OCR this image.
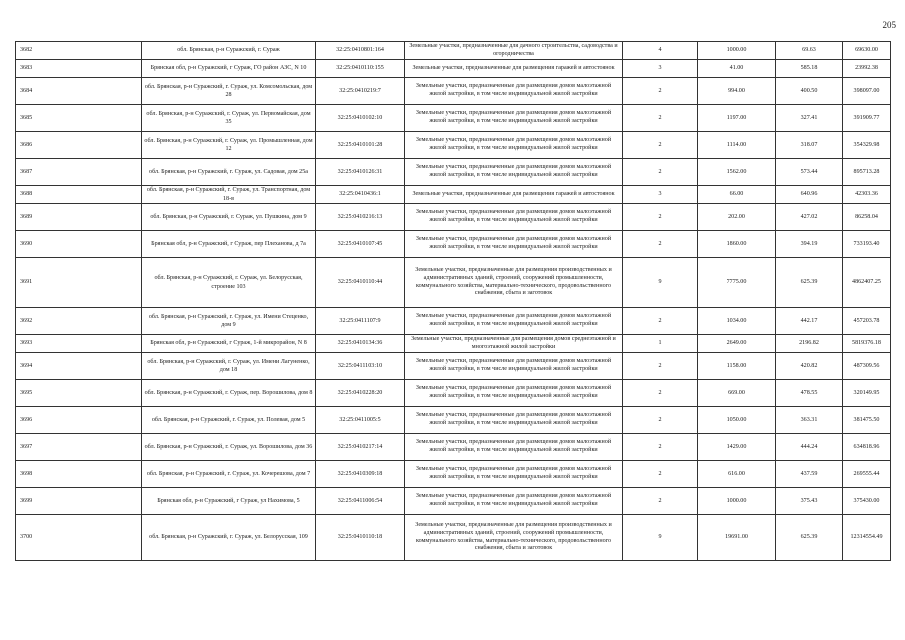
205
3682	обл. Брянская, р-н Суражский, г. Сураж	32:25:0410801:164	Земельные участки, предназначенные для дачного строительства, садоводства и огородничества	4	1000.00	69.63	69630.00
3683	Брянская обл, р-н Суражский, г Сураж, ГО район АЗС, N 10	32:25:0410110:155	Земельные участки, предназначенные для размещения гаражей и автостоянок	3	41.00	585.18	23992.38
3684	обл. Брянская, р-н Суражский, г. Сураж, ул. Комсомольская, дом 28	32:25:0410219:7	Земельные участки, предназначенные для размещения домов малоэтажной жилой застройки, в том числе индивидуальной жилой застройки	2	994.00	400.50	398097.00
3685	обл. Брянская, р-н Суражский, г. Сураж, ул. Первомайская, дом 35	32:25:0410102:10	Земельные участки, предназначенные для размещения домов малоэтажной жилой застройки, в том числе индивидуальной жилой застройки	2	1197.00	327.41	391909.77
3686	обл. Брянская, р-н Суражский, г. Сураж, ул. Промышленная, дом 12	32:25:0410101:28	Земельные участки, предназначенные для размещения домов малоэтажной жилой застройки, в том числе индивидуальной жилой застройки	2	1114.00	318.07	354329.98
3687	обл. Брянская, р-н Суражский, г. Сураж, ул. Садовая, дом 25а	32:25:0410126:31	Земельные участки, предназначенные для размещения домов малоэтажной жилой застройки, в том числе индивидуальной жилой застройки	2	1562.00	573.44	895713.28
3688	обл. Брянская, р-н Суражский, г. Сураж, ул. Транспортная, дом 18-в	32:25:0410436:1	Земельные участки, предназначенные для размещения гаражей и автостоянок	3	66.00	640.96	42303.36
3689	обл. Брянская, р-н Суражский, г. Сураж, ул. Пушкина, дом 9	32:25:0410216:13	Земельные участки, предназначенные для размещения домов малоэтажной жилой застройки, в том числе индивидуальной жилой застройки	2	202.00	427.02	86258.04
3690	Брянская обл, р-н Суражский, г Сураж, пер Плеханова, д 7а	32:25:0410107:45	Земельные участки, предназначенные для размещения домов малоэтажной жилой застройки, в том числе индивидуальной жилой застройки	2	1860.00	394.19	733193.40
3691	обл. Брянская, р-н Суражский, г. Сураж, ул. Белорусская, строение 103	32:25:0410110:44	Земельные участки, предназначенные для размещения производственных и административных зданий, строений, сооружений промышленности, коммунального хозяйства, материально-технического, продовольственного снабжения, сбыта и заготовок	9	7775.00	625.39	4862407.25
3692	обл. Брянская, р-н Суражский, г. Сураж, ул. Имени Стеценко, дом 9	32:25:0411107:9	Земельные участки, предназначенные для размещения домов малоэтажной жилой застройки, в том числе индивидуальной жилой застройки	2	1034.00	442.17	457203.78
3693	Брянская обл, р-н Суражский, г Сураж, 1-й микрорайон, N 8	32:25:0410134:36	Земельные участки, предназначенные для размещения домов среднеэтажной и многоэтажной жилой застройки	1	2649.00	2196.82	5819376.18
3694	обл. Брянская, р-н Суражский, г. Сураж, ул. Имени Лагуненко, дом 18	32:25:0411103:10	Земельные участки, предназначенные для размещения домов малоэтажной жилой застройки, в том числе индивидуальной жилой застройки	2	1158.00	420.82	487309.56
3695	обл. Брянская, р-н Суражский, г. Сураж, пер. Ворошилова, дом 8	32:25:0410228:20	Земельные участки, предназначенные для размещения домов малоэтажной жилой застройки, в том числе индивидуальной жилой застройки	2	669.00	478.55	320149.95
3696	обл. Брянская, р-н Суражский, г. Сураж, ул. Полевая, дом 5	32:25:0411005:5	Земельные участки, предназначенные для размещения домов малоэтажной жилой застройки, в том числе индивидуальной жилой застройки	2	1050.00	363.31	381475.50
3697	обл. Брянская, р-н Суражский, г. Сураж, ул. Ворошилова, дом 36	32:25:0410217:14	Земельные участки, предназначенные для размещения домов малоэтажной жилой застройки, в том числе индивидуальной жилой застройки	2	1429.00	444.24	634818.96
3698	обл. Брянская, р-н Суражский, г. Сураж, ул. Кочерешова, дом 7	32:25:0410309:18	Земельные участки, предназначенные для размещения домов малоэтажной жилой застройки, в том числе индивидуальной жилой застройки	2	616.00	437.59	269555.44
3699	Брянская обл, р-н Суражский, г Сураж, ул Нахимова, 5	32:25:0411006:54	Земельные участки, предназначенные для размещения домов малоэтажной жилой застройки, в том числе индивидуальной жилой застройки	2	1000.00	375.43	375430.00
3700	обл. Брянская, р-н Суражский, г. Сураж, ул. Белорусская, 109	32:25:0410110:18	Земельные участки, предназначенные для размещения производственных и административных зданий, строений, сооружений промышленности, коммунального хозяйства, материально-технического, продовольственного снабжения, сбыта и заготовок	9	19691.00	625.39	12314554.49
